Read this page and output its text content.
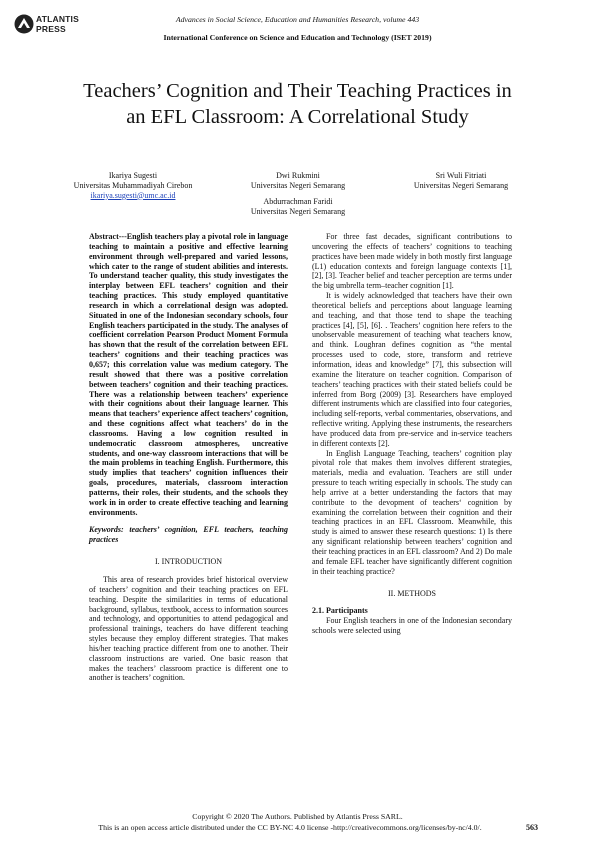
ATLANTIS
PRESS
Advances in Social Science, Education and Humanities Research, volume 443
International Conference on Science and Education and Technology (ISET 2019)
Teachers’ Cognition and Their Teaching Practices in an EFL Classroom: A Correlational Study
Ikariya Sugesti
Universitas Muhammadiyah Cirebon
ikariya.sugesti@umc.ac.id
Dwi Rukmini
Universitas Negeri Semarang
Sri Wuli Fitriati
Universitas Negeri Semarang
Abdurrachman Faridi
Universitas Negeri Semarang

Abstract---English teachers play a pivotal role in language teaching to maintain a positive and effective learning environment through well-prepared and varied lessons, which cater to the range of student abilities and interests. To understand teacher quality, this study investigates the interplay between EFL teachers’ cognition and their teaching practices. This study employed quantitative research in which a correlational design was adopted. Situated in one of the Indonesian secondary schools, four English teachers participated in the study. The analyses of coefficient correlation Pearson Product Moment Formula has shown that the result of the correlation between EFL teachers’ cognitions and their teaching practices was 0,657; this correlation value was medium category. The result showed that there was a positive correlation between teachers’ cognition and their teaching practices. There was a relationship between teachers’ experience with their cognitions about their language learner. This means that teachers’ experience affect teachers’ cognition, and these cognitions affect what teachers’ do in the classrooms. Having a low cognition resulted in undemocratic classroom atmospheres, uncreative students, and one-way classroom interactions that will be the main problems in teaching English. Furthermore, this study implies that teachers’ cognition influences their goals, procedures, materials, classroom interaction patterns, their roles, their students, and the schools they work in in order to create effective teaching and learning environments.

Keywords: teachers’ cognition, EFL teachers, teaching practices

I. INTRODUCTION

This area of research provides brief historical overview of teachers’ cognition and their teaching practices on EFL teaching. Despite the similarities in terms of educational background, syllabus, textbook, access to information sources and technology, and opportunities to attend pedagogical and professional trainings, teachers do have different teaching styles because they employ different strategies. That makes his/her teaching practice different from one to another. Their classroom instructions are varied. One basic reason that makes the teachers’ classroom practice is different one to another is teachers’ cognition.

For three fast decades, significant contributions to uncovering the effects of teachers’ cognitions to teaching practices have been made widely in both mostly first language (L1) education contexts and foreign language contexts [1], [2], [3]. Teacher belief and teacher perception are terms under the big umbrella term–teacher cognition [1].

It is widely acknowledged that teachers have their own theoretical beliefs and perceptions about language learning and teaching, and that those tend to shape the teaching practices [4], [5], [6]. . Teachers’ cognition here refers to the unobservable measurement of teaching what teachers know, and think. Loughran defines cognition as “the mental processes used to code, store, transform and retrieve information, ideas and knowledge” [7], this subsection will examine the literature on teacher cognition. Comparison of teachers’ teaching practices with their stated beliefs could be inferred from Borg (2009) [3]. Researchers have employed different instruments which are classified into four categories, including self-reports, verbal commentaries, observations, and reflective writing. Applying these instruments, the researchers have produced data from pre-service and in-service teachers in different contexts [2].

In English Language Teaching, teachers’ cognition play pivotal role that makes them involves different strategies, materials, media and evaluation. Teachers are still under pressure to teach writing especially in schools. The study can help arrive at a better understanding the factors that may contribute to the devopment of teachers‘ cognition by examining the correlation between their cognition and their teaching practices in an EFL Classroom. Meanwhile, this study is aimed to answer these research questions: 1) Is there any significant relationship between teachers’ cognition and their teaching practices in an EFL classroom? And 2) Do male and female EFL teacher have significantly different cognition in their teaching practice?

II. METHODS

2.1. Participants

Four English teachers in one of the Indonesian secondary schools were selected using

Copyright © 2020 The Authors. Published by Atlantis Press SARL.
This is an open access article distributed under the CC BY-NC 4.0 license -http://creativecommons.org/licenses/by-nc/4.0/.	563
